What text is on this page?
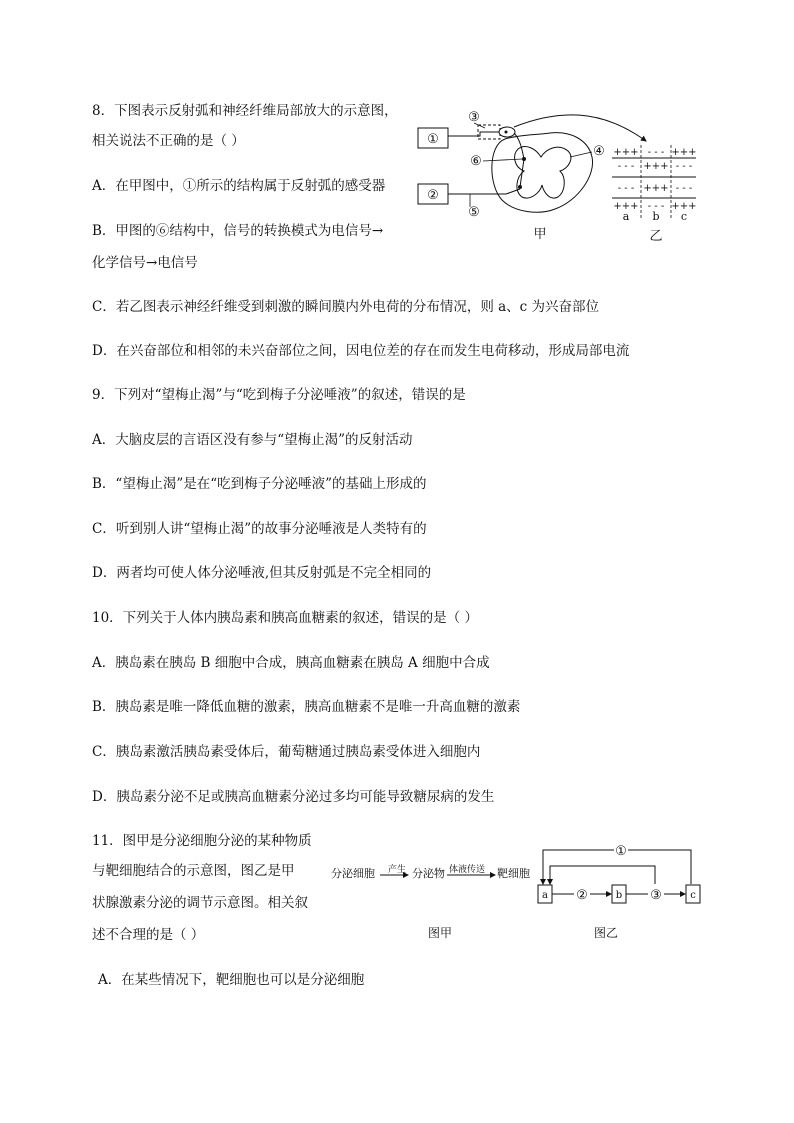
8．下图表示反射弧和神经纤维局部放大的示意图，
相关说法不正确的是（ ）
A．在甲图中，①所示的结构属于反射弧的感受器
B．甲图的⑥结构中，信号的转换模式为电信号→
化学信号→电信号
C．若乙图表示神经纤维受到刺激的瞬间膜内外电荷的分布情况，则 a、c 为兴奋部位
D．在兴奋部位和相邻的未兴奋部位之间，因电位差的存在而发生电荷移动，形成局部电流
①
②
③
⑥
④
⑤
甲
+++ - - - +++
- - - +++ - - -
- - - +++ - - -
+++ - - - +++
a b c
乙
9．下列对“望梅止渴”与“吃到梅子分泌唾液”的叙述，错误的是
A．大脑皮层的言语区没有参与“望梅止渴”的反射活动
B．“望梅止渴”是在“吃到梅子分泌唾液”的基础上形成的
C．听到别人讲“望梅止渴”的故事分泌唾液是人类特有的
D．两者均可使人体分泌唾液,但其反射弧是不完全相同的
10．下列关于人体内胰岛素和胰高血糖素的叙述，错误的是（ ）
A．胰岛素在胰岛 B 细胞中合成，胰高血糖素在胰岛 A 细胞中合成
B．胰岛素是唯一降低血糖的激素，胰高血糖素不是唯一升高血糖的激素
C．胰岛素激活胰岛素受体后，葡萄糖通过胰岛素受体进入细胞内
D．胰岛素分泌不足或胰高血糖素分泌过多均可能导致糖尿病的发生
11．图甲是分泌细胞分泌的某种物质
与靶细胞结合的示意图，图乙是甲
状腺激素分泌的调节示意图。相关叙
述不合理的是（ ）
A．在某些情况下，靶细胞也可以是分泌细胞
分泌细胞 产生 分泌物 体液传送 靶细胞
图甲
①
a	b	c
②	③
图乙
